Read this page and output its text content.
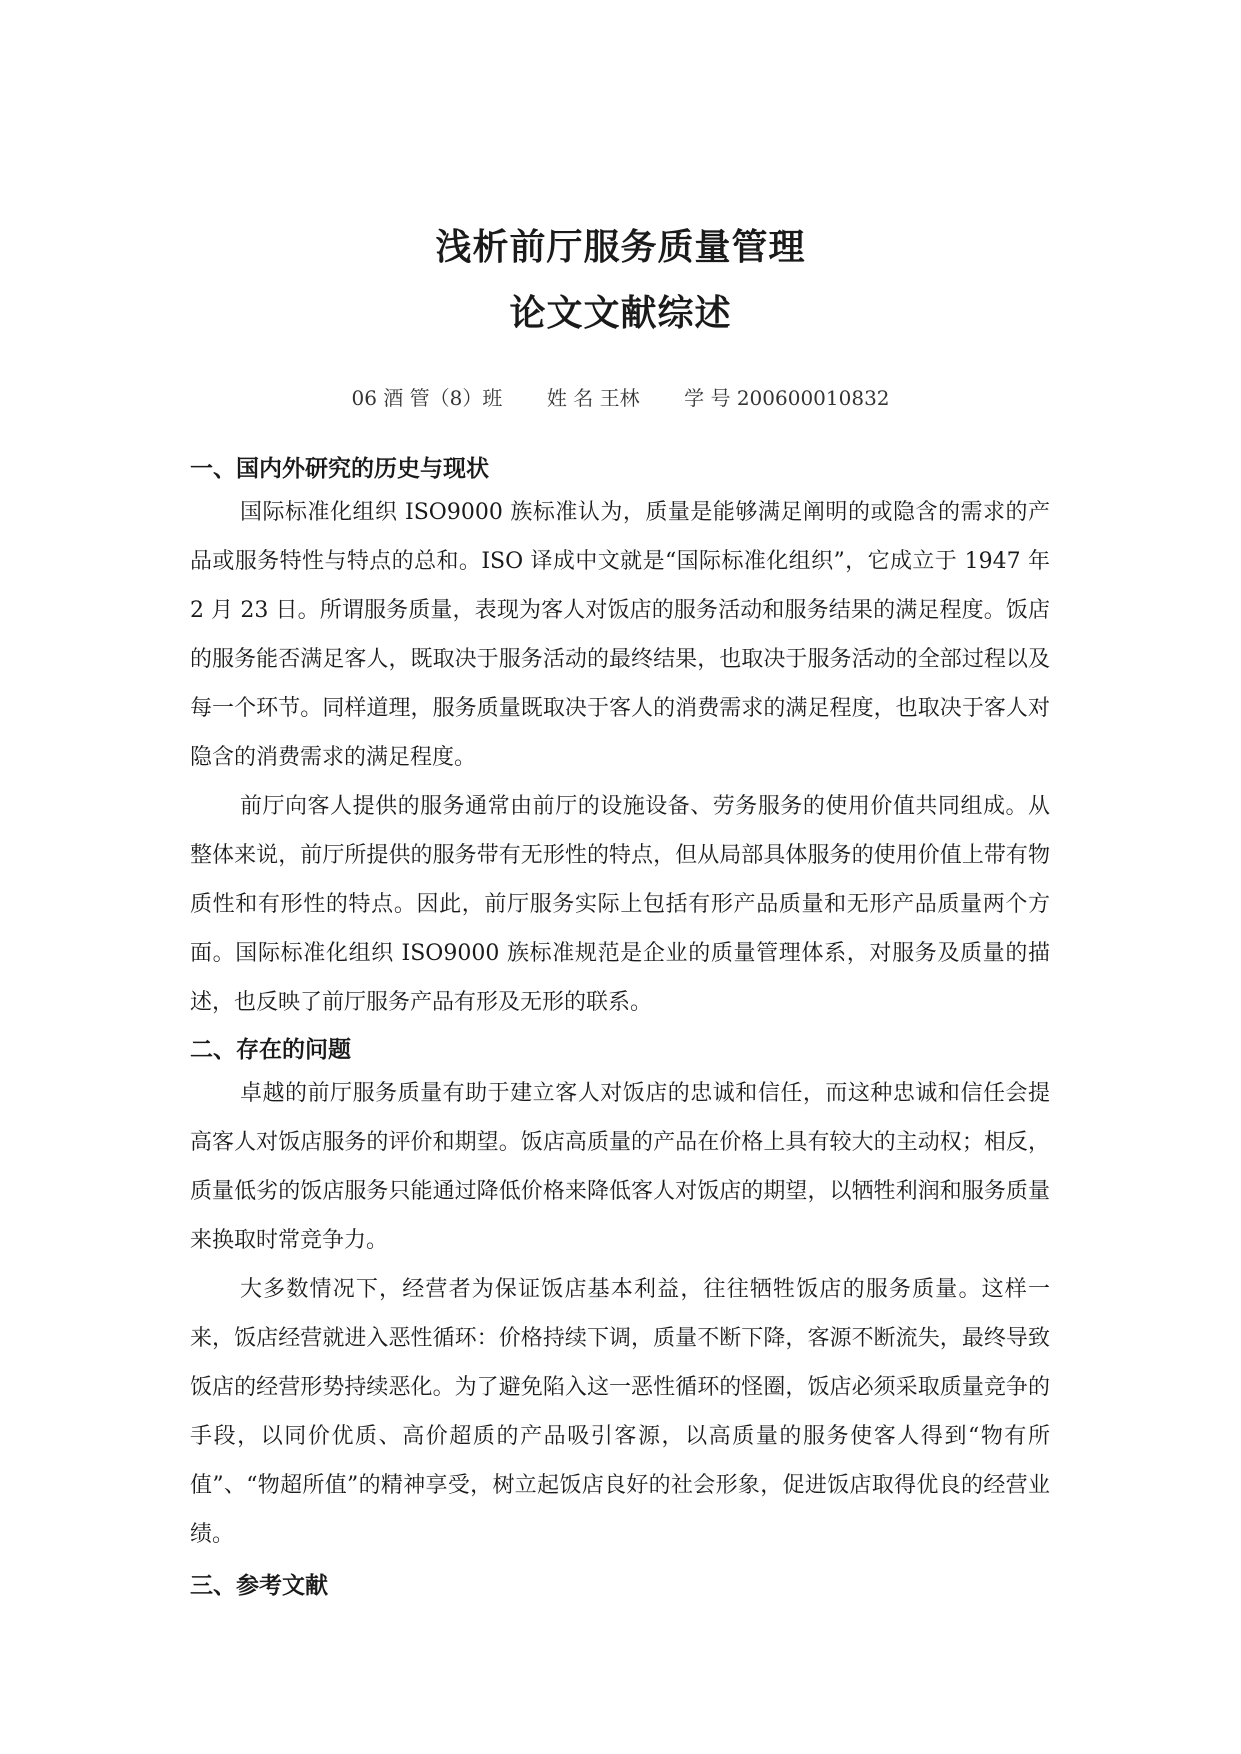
浅析前厅服务质量管理
论文文献综述
06 酒 管（8）班 姓 名 王林 学 号 200600010832
一、国内外研究的历史与现状

国际标准化组织 ISO9000 族标准认为，质量是能够满足阐明的或隐含的需求的产品或服务特性与特点的总和。ISO 译成中文就是“国际标准化组织”，它成立于 1947 年 2 月 23 日。所谓服务质量，表现为客人对饭店的服务活动和服务结果的满足程度。饭店的服务能否满足客人，既取决于服务活动的最终结果，也取决于服务活动的全部过程以及每一个环节。同样道理，服务质量既取决于客人的消费需求的满足程度，也取决于客人对隐含的消费需求的满足程度。

前厅向客人提供的服务通常由前厅的设施设备、劳务服务的使用价值共同组成。从整体来说，前厅所提供的服务带有无形性的特点，但从局部具体服务的使用价值上带有物质性和有形性的特点。因此，前厅服务实际上包括有形产品质量和无形产品质量两个方面。国际标准化组织 ISO9000 族标准规范是企业的质量管理体系，对服务及质量的描述，也反映了前厅服务产品有形及无形的联系。

二、存在的问题

卓越的前厅服务质量有助于建立客人对饭店的忠诚和信任，而这种忠诚和信任会提高客人对饭店服务的评价和期望。饭店高质量的产品在价格上具有较大的主动权；相反，质量低劣的饭店服务只能通过降低价格来降低客人对饭店的期望，以牺牲利润和服务质量来换取时常竞争力。

大多数情况下，经营者为保证饭店基本利益，往往牺牲饭店的服务质量。这样一来，饭店经营就进入恶性循环：价格持续下调，质量不断下降，客源不断流失，最终导致饭店的经营形势持续恶化。为了避免陷入这一恶性循环的怪圈，饭店必须采取质量竞争的手段，以同价优质、高价超质的产品吸引客源，以高质量的服务使客人得到“物有所值”、“物超所值”的精神享受，树立起饭店良好的社会形象，促进饭店取得优良的经营业绩。

三、参考文献
